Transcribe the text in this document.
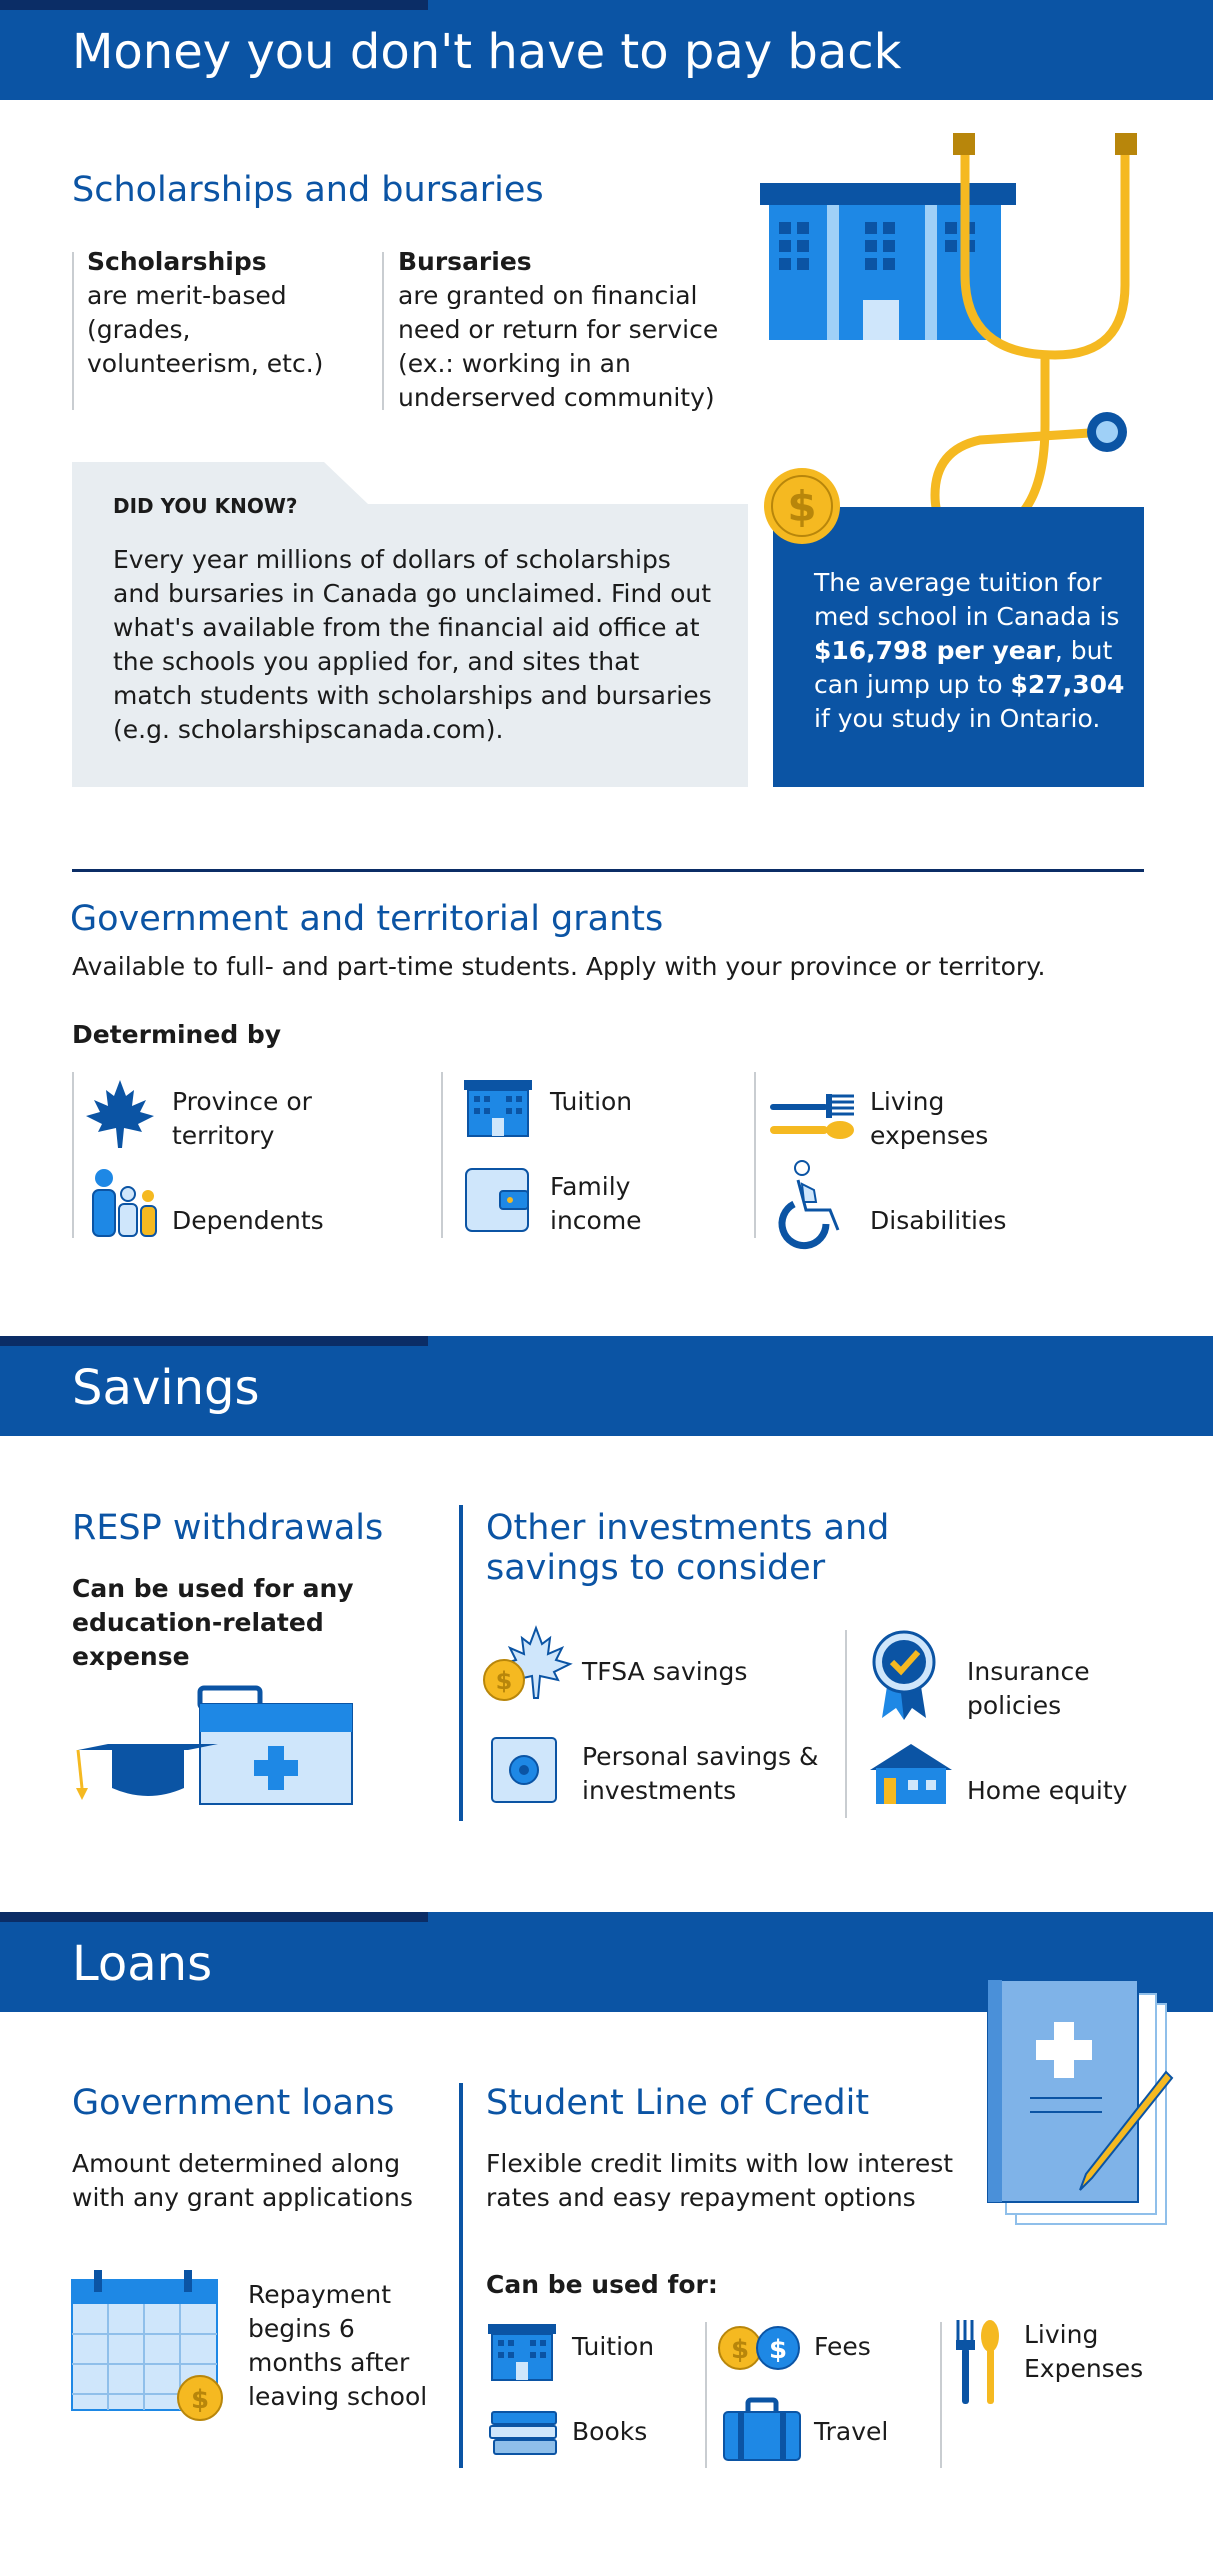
Money you don't have to pay back
Scholarships and bursaries
Scholarships
are merit-based (grades, volunteerism, etc.)
Bursaries
are granted on financial need or return for service (ex.: working in an underserved community)
DID YOU KNOW?
Every year millions of dollars of scholarships and bursaries in Canada go unclaimed. Find out what's available from the financial aid office at the schools you applied for, and sites that match students with scholarships and bursaries (e.g. scholarshipscanada.com).
$
The average tuition for med school in Canada is $16,798 per year, but can jump up to $27,304 if you study in Ontario.
Government and territorial grants
Available to full- and part-time students. Apply with your province or territory.
Determined by
Province or territory
Dependents
Tuition
Family income
Living expenses
Disabilities
Savings
RESP withdrawals
Can be used for any education-related expense
Other investments and savings to consider
$	TFSA savings
Personal savings & investments
Insurance policies
Home equity
Loans
Government loans
Amount determined along with any grant applications
$
Repayment begins 6 months after leaving school
Student Line of Credit
Flexible credit limits with low interest rates and easy repayment options
Can be used for:
Tuition	$ $ Fees	Living Expenses
Books	Travel
